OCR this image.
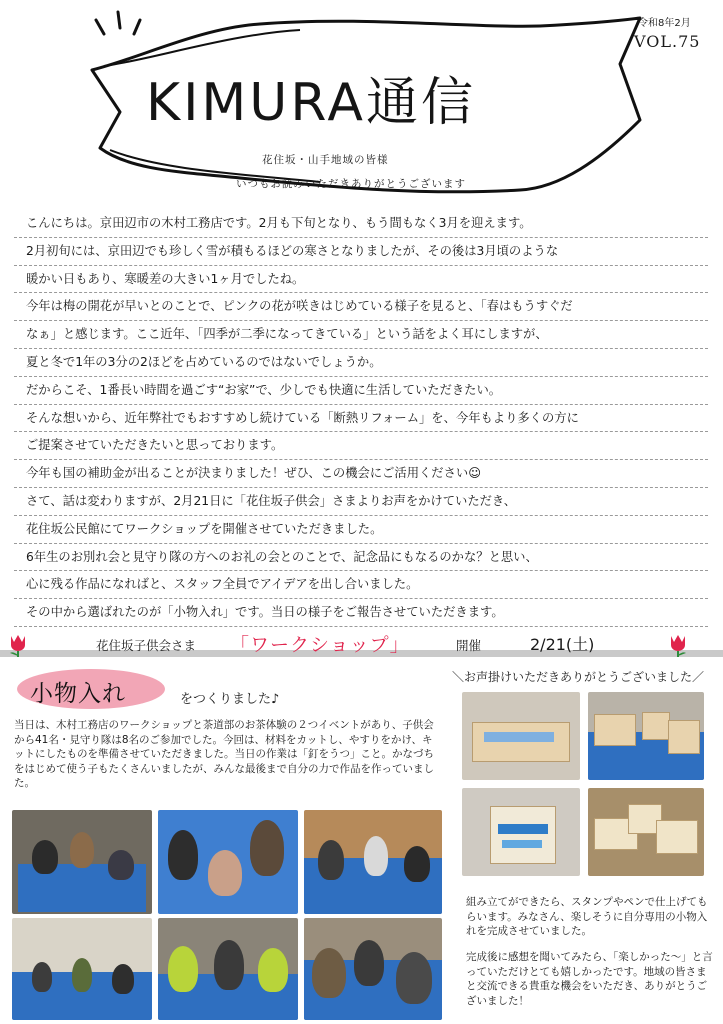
KIMURA通信
花住坂・山手地域の皆様
いつもお読みいただきありがとうございます
令和8年2月
VOL.75
こんにちは。京田辺市の木村工務店です。2月も下旬となり、もう間もなく3月を迎えます。
2月初旬には、京田辺でも珍しく雪が積もるほどの寒さとなりましたが、その後は3月頃のような
暖かい日もあり、寒暖差の大きい1ヶ月でしたね。
今年は梅の開花が早いとのことで、ピンクの花が咲きはじめている様子を見ると、「春はもうすぐだ
なぁ」と感じます。ここ近年、「四季が二季になってきている」という話をよく耳にしますが、
夏と冬で1年の3分の2ほどを占めているのではないでしょうか。
だからこそ、1番長い時間を過ごす“お家”で、少しでも快適に生活していただきたい。
そんな想いから、近年弊社でもおすすめし続けている「断熱リフォーム」を、今年もより多くの方に
ご提案させていただきたいと思っております。
今年も国の補助金が出ることが決まりました！ぜひ、この機会にご活用ください☺
さて、話は変わりますが、2月21日に「花住坂子供会」さまよりお声をかけていただき、
花住坂公民館にてワークショップを開催させていただきました。
6年生のお別れ会と見守り隊の方へのお礼の会とのことで、記念品にもなるのかな？と思い、
心に残る作品になればと、スタッフ全員でアイデアを出し合いました。
その中から選ばれたのが「小物入れ」です。当日の様子をご報告させていただきます。
花住坂子供会さま 「ワークショップ」	開催	2/21(土)
小物入れ	をつくりました♪
当日は、木村工務店のワークショップと茶道部のお茶体験の２つイベントがあり、子供会から41名・見守り隊は8名のご参加でした。今回は、材料をカットし、やすりをかけ、キットにしたものを準備させていただきました。当日の作業は「釘をうつ」こと。かなづちをはじめて使う子もたくさんいましたが、みんな最後まで自分の力で作品を作っていました。
＼お声掛けいただきありがとうございました／
組み立てができたら、スタンプやペンで仕上げてもらいます。みなさん、楽しそうに自分専用の小物入れを完成させていました。
完成後に感想を聞いてみたら、「楽しかった～」と言っていただけとても嬉しかったです。地域の皆さまと交流できる貴重な機会をいただき、ありがとうございました！
